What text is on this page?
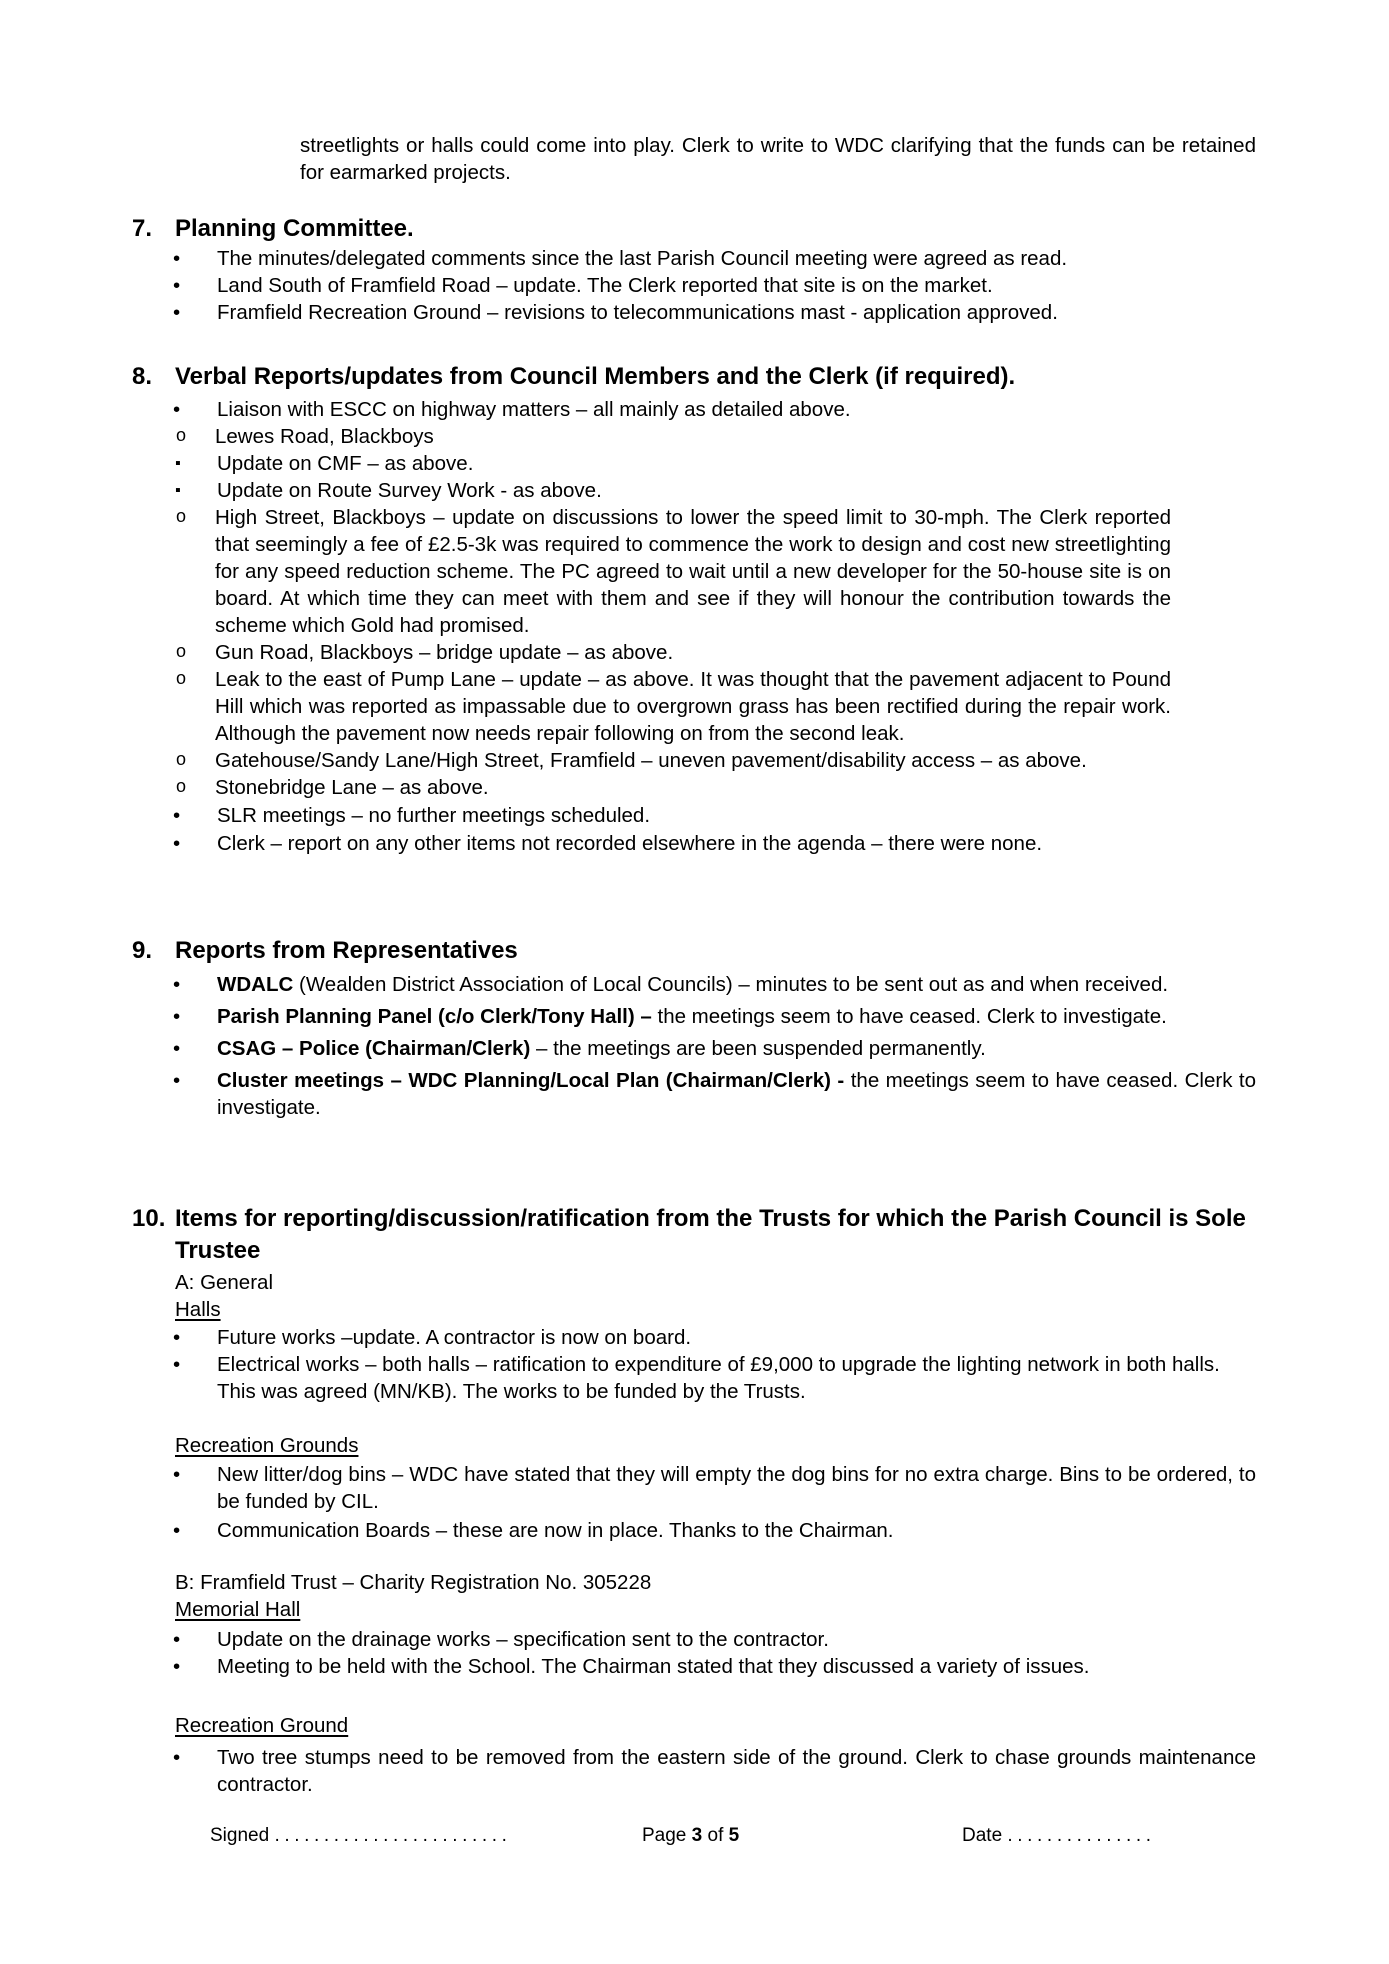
streetlights or halls could come into play. Clerk to write to WDC clarifying that the funds can be retained for earmarked projects.
7. Planning Committee.
• The minutes/delegated comments since the last Parish Council meeting were agreed as read.
• Land South of Framfield Road – update. The Clerk reported that site is on the market.
• Framfield Recreation Ground – revisions to telecommunications mast - application approved.
8. Verbal Reports/updates from Council Members and the Clerk (if required).
• Liaison with ESCC on highway matters – all mainly as detailed above.
o Lewes Road, Blackboys
▪ Update on CMF – as above.
▪ Update on Route Survey Work - as above.
o High Street, Blackboys – update on discussions to lower the speed limit to 30-mph. The Clerk reported that seemingly a fee of £2.5-3k was required to commence the work to design and cost new streetlighting for any speed reduction scheme. The PC agreed to wait until a new developer for the 50-house site is on board. At which time they can meet with them and see if they will honour the contribution towards the scheme which Gold had promised.
o Gun Road, Blackboys – bridge update – as above.
o Leak to the east of Pump Lane – update – as above. It was thought that the pavement adjacent to Pound Hill which was reported as impassable due to overgrown grass has been rectified during the repair work. Although the pavement now needs repair following on from the second leak.
o Gatehouse/Sandy Lane/High Street, Framfield – uneven pavement/disability access – as above.
o Stonebridge Lane – as above.
• SLR meetings – no further meetings scheduled.
• Clerk – report on any other items not recorded elsewhere in the agenda – there were none.
9. Reports from Representatives
• WDALC (Wealden District Association of Local Councils) – minutes to be sent out as and when received.
• Parish Planning Panel (c/o Clerk/Tony Hall) – the meetings seem to have ceased. Clerk to investigate.
• CSAG – Police (Chairman/Clerk) – the meetings are been suspended permanently.
• Cluster meetings – WDC Planning/Local Plan (Chairman/Clerk) - the meetings seem to have ceased. Clerk to investigate.
10. Items for reporting/discussion/ratification from the Trusts for which the Parish Council is Sole Trustee
A: General
Halls
• Future works –update. A contractor is now on board.
• Electrical works – both halls – ratification to expenditure of £9,000 to upgrade the lighting network in both halls. This was agreed (MN/KB). The works to be funded by the Trusts.
Recreation Grounds
• New litter/dog bins – WDC have stated that they will empty the dog bins for no extra charge. Bins to be ordered, to be funded by CIL.
• Communication Boards – these are now in place. Thanks to the Chairman.
B: Framfield Trust – Charity Registration No. 305228
Memorial Hall
• Update on the drainage works – specification sent to the contractor.
• Meeting to be held with the School. The Chairman stated that they discussed a variety of issues.
Recreation Ground
• Two tree stumps need to be removed from the eastern side of the ground. Clerk to chase grounds maintenance contractor.
Signed ........................	Page 3 of 5	Date ...............
